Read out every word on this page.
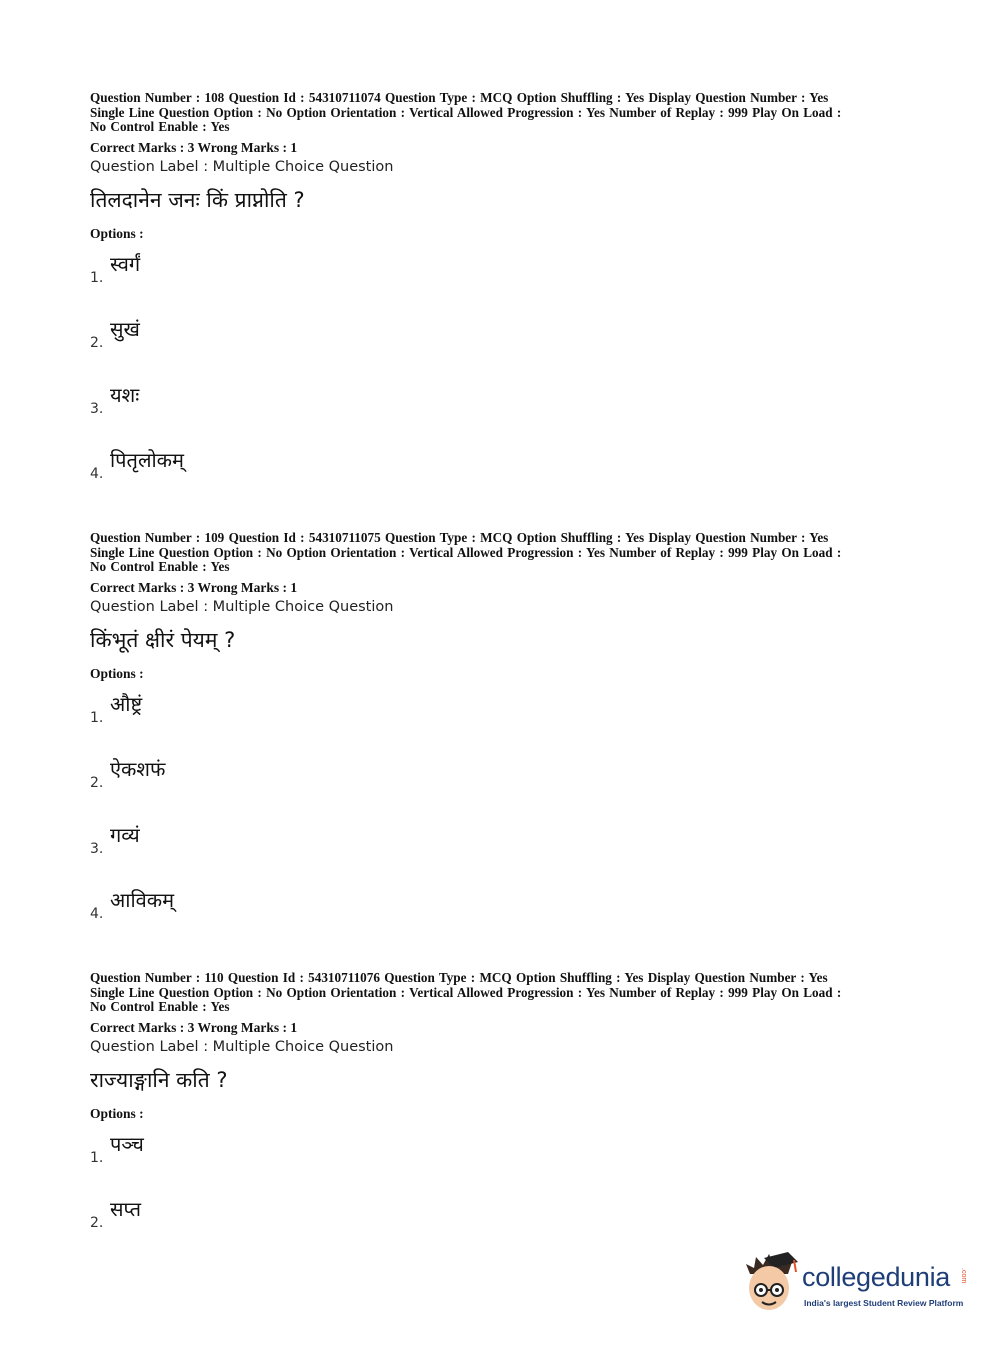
Question Number : 108 Question Id : 54310711074 Question Type : MCQ Option Shuffling : Yes Display Question Number : Yes

Single Line Question Option : No Option Orientation : Vertical Allowed Progression : Yes Number of Replay : 999 Play On Load :

No Control Enable : Yes

Correct Marks : 3 Wrong Marks : 1
Question Label : Multiple Choice Question
तिलदानेन जनः किं प्राप्नोति ?
Options :
1.
स्वर्गं
2.
सुखं
3.
यशः
4.
पितृलोकम्

Question Number : 109 Question Id : 54310711075 Question Type : MCQ Option Shuffling : Yes Display Question Number : Yes

Single Line Question Option : No Option Orientation : Vertical Allowed Progression : Yes Number of Replay : 999 Play On Load :

No Control Enable : Yes

Correct Marks : 3 Wrong Marks : 1
Question Label : Multiple Choice Question
किंभूतं क्षीरं पेयम् ?
Options :
1.
औष्ट्रं
2.
ऐकशफं
3.
गव्यं
4.
आविकम्

Question Number : 110 Question Id : 54310711076 Question Type : MCQ Option Shuffling : Yes Display Question Number : Yes

Single Line Question Option : No Option Orientation : Vertical Allowed Progression : Yes Number of Replay : 999 Play On Load :

No Control Enable : Yes

Correct Marks : 3 Wrong Marks : 1
Question Label : Multiple Choice Question
राज्याङ्गानि कति ?
Options :
1.
पञ्च
2.
सप्त
collegedunia .com
India's largest Student Review Platform
